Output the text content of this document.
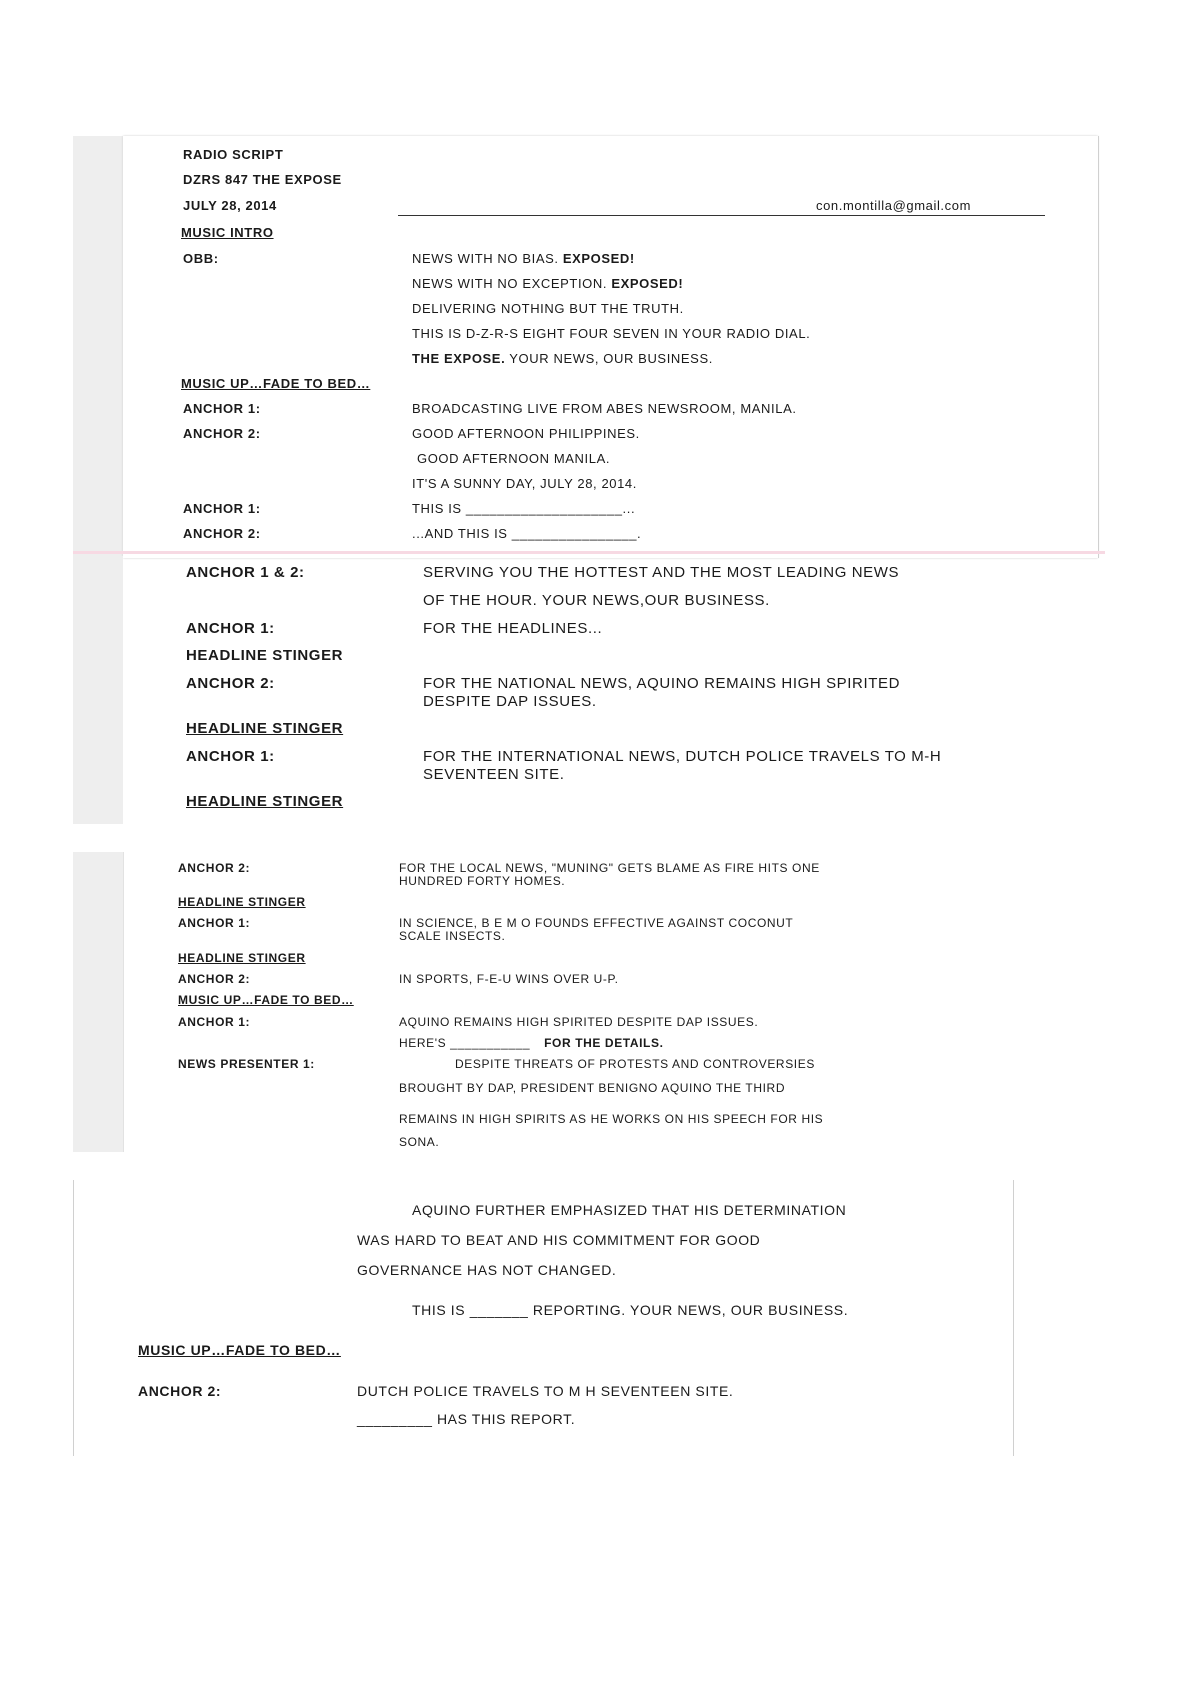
RADIO SCRIPT
DZRS 847 THE EXPOSE
JULY 28, 2014	con.montilla@gmail.com
MUSIC INTRO
OBB:	NEWS WITH NO BIAS. EXPOSED!
NEWS WITH NO EXCEPTION. EXPOSED!
DELIVERING NOTHING BUT THE TRUTH.
THIS IS D-Z-R-S EIGHT FOUR SEVEN IN YOUR RADIO DIAL.
THE EXPOSE. YOUR NEWS, OUR BUSINESS.
MUSIC UP…FADE TO BED…
ANCHOR 1:	BROADCASTING LIVE FROM ABES NEWSROOM, MANILA.
ANCHOR 2:	GOOD AFTERNOON PHILIPPINES.
GOOD AFTERNOON MANILA.
IT'S A SUNNY DAY, JULY 28, 2014.
ANCHOR 1:	THIS IS ____________________...
ANCHOR 2:	...AND THIS IS ________________.
ANCHOR 1 & 2:	SERVING YOU THE HOTTEST AND THE MOST LEADING NEWS
OF THE HOUR. YOUR NEWS,OUR BUSINESS.
ANCHOR 1:	FOR THE HEADLINES...
HEADLINE STINGER
ANCHOR 2:	FOR THE NATIONAL NEWS, AQUINO REMAINS HIGH SPIRITED
DESPITE DAP ISSUES.
HEADLINE STINGER
ANCHOR 1:	FOR THE INTERNATIONAL NEWS, DUTCH POLICE TRAVELS TO M-H
SEVENTEEN SITE.
HEADLINE STINGER
ANCHOR 2:	FOR THE LOCAL NEWS, "MUNING" GETS BLAME AS FIRE HITS ONE
HUNDRED FORTY HOMES.
HEADLINE STINGER
ANCHOR 1:	IN SCIENCE, B E M O FOUNDS EFFECTIVE AGAINST COCONUT
SCALE INSECTS.
HEADLINE STINGER
ANCHOR 2:	IN SPORTS, F-E-U WINS OVER U-P.
MUSIC UP…FADE TO BED…
ANCHOR 1:	AQUINO REMAINS HIGH SPIRITED DESPITE DAP ISSUES.
HERE'S ___________ FOR THE DETAILS.
NEWS PRESENTER 1:	DESPITE THREATS OF PROTESTS AND CONTROVERSIES
BROUGHT BY DAP, PRESIDENT BENIGNO AQUINO THE THIRD
REMAINS IN HIGH SPIRITS AS HE WORKS ON HIS SPEECH FOR HIS
SONA.
AQUINO FURTHER EMPHASIZED THAT HIS DETERMINATION
WAS HARD TO BEAT AND HIS COMMITMENT FOR GOOD
GOVERNANCE HAS NOT CHANGED.
THIS IS _______ REPORTING. YOUR NEWS, OUR BUSINESS.
MUSIC UP…FADE TO BED…
ANCHOR 2:	DUTCH POLICE TRAVELS TO M H SEVENTEEN SITE.
_________ HAS THIS REPORT.
